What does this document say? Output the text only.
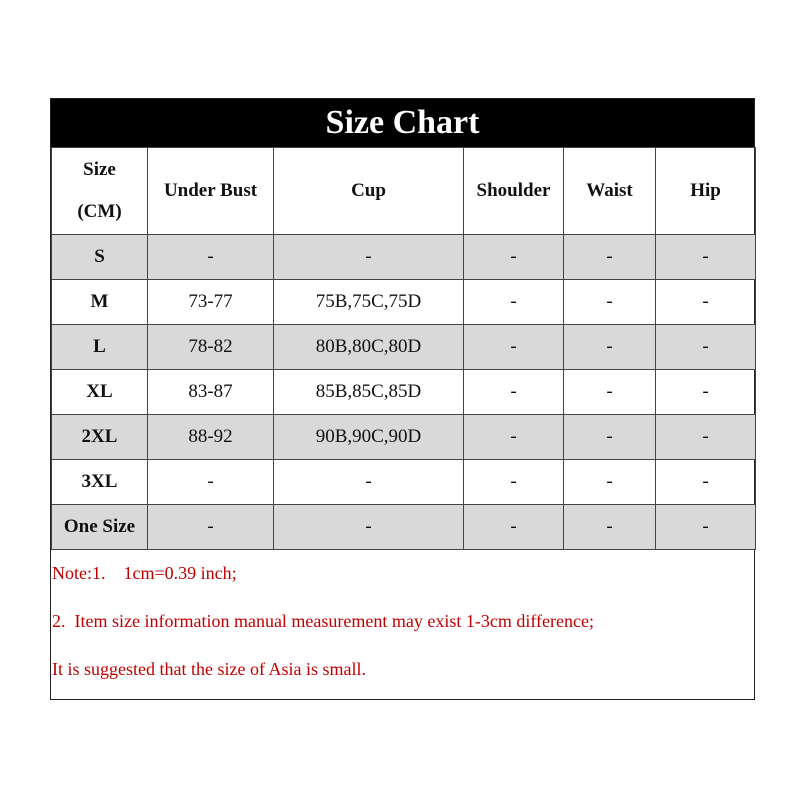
Size Chart
Size
(CM)	Under Bust	Cup	Shoulder	Waist	Hip
S	-	-	-	-	-
M	73-77	75B,75C,75D	-	-	-
L	78-82	80B,80C,80D	-	-	-
XL	83-87	85B,85C,85D	-	-	-
2XL	88-92	90B,90C,90D	-	-	-
3XL	-	-	-	-	-
One Size	-	-	-	-	-
Note:1.    1cm=0.39 inch;
2.  Item size information manual measurement may exist 1-3cm difference;
It is suggested that the size of Asia is small.
